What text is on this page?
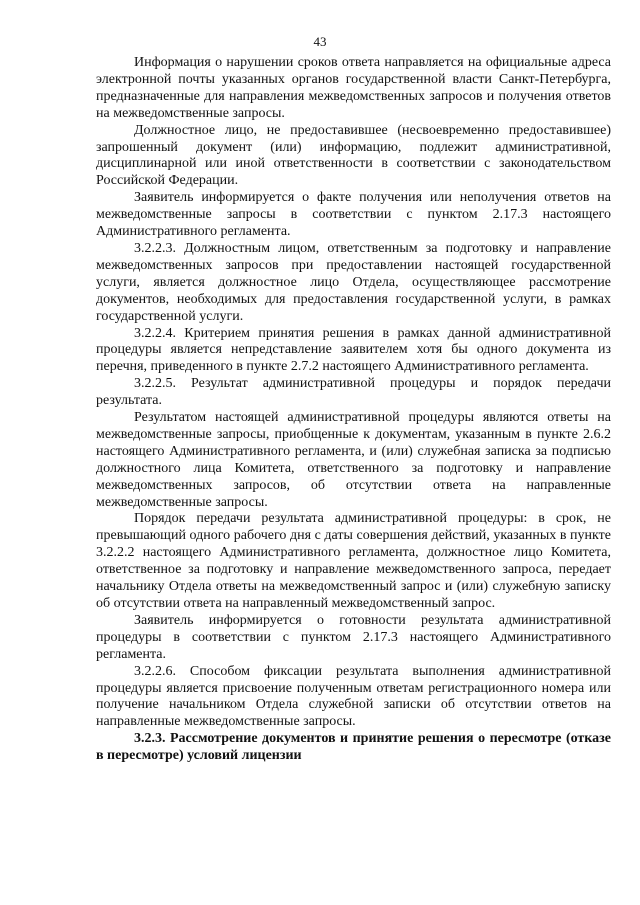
43

Информация о нарушении сроков ответа направляется на официальные адреса электронной почты указанных органов государственной власти Санкт-Петербурга, предназначенные для направления межведомственных запросов и получения ответов на межведомственные запросы.

Должностное лицо, не предоставившее (несвоевременно предоставившее) запрошенный документ (или) информацию, подлежит административной, дисциплинарной или иной ответственности в соответствии с законодательством Российской Федерации.

Заявитель информируется о факте получения или неполучения ответов на межведомственные запросы в соответствии с пунктом 2.17.3 настоящего Административного регламента.

3.2.2.3. Должностным лицом, ответственным за подготовку и направление межведомственных запросов при предоставлении настоящей государственной услуги, является должностное лицо Отдела, осуществляющее рассмотрение документов, необходимых для предоставления государственной услуги, в рамках государственной услуги.

3.2.2.4. Критерием принятия решения в рамках данной административной процедуры является непредставление заявителем хотя бы одного документа из перечня, приведенного в пункте 2.7.2 настоящего Административного регламента.

3.2.2.5. Результат административной процедуры и порядок передачи результата.

Результатом настоящей административной процедуры являются ответы на межведомственные запросы, приобщенные к документам, указанным в пункте 2.6.2 настоящего Административного регламента, и (или) служебная записка за подписью должностного лица Комитета, ответственного за подготовку и направление межведомственных запросов, об отсутствии ответа на направленные межведомственные запросы.

Порядок передачи результата административной процедуры: в срок, не превышающий одного рабочего дня с даты совершения действий, указанных в пункте 3.2.2.2 настоящего Административного регламента, должностное лицо Комитета, ответственное за подготовку и направление межведомственного запроса, передает начальнику Отдела ответы на межведомственный запрос и (или) служебную записку об отсутствии ответа на направленный межведомственный запрос.

Заявитель информируется о готовности результата административной процедуры в соответствии с пунктом 2.17.3 настоящего Административного регламента.

3.2.2.6. Способом фиксации результата выполнения административной процедуры является присвоение полученным ответам регистрационного номера или получение начальником Отдела служебной записки об отсутствии ответов на направленные межведомственные запросы.

3.2.3. Рассмотрение документов и принятие решения о пересмотре (отказе в пересмотре) условий лицензии
